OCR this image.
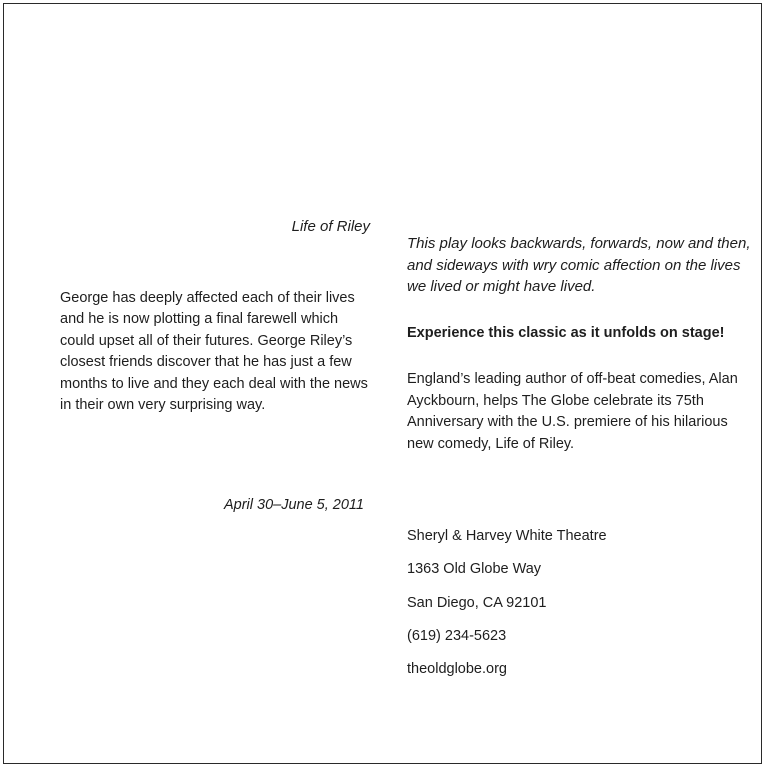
Life of Riley

George has deeply affected each of their lives and he is now plotting a final farewell which could upset all of their futures. George Riley’s closest friends discover that he has just a few months to live and they each deal with the news in their own very surprising way.

April 30–June 5, 2011

This play looks backwards, forwards, now and then, and sideways with wry comic affection on the lives we lived or might have lived.

Experience this classic as it unfolds on stage!

England’s leading author of off-beat comedies, Alan Ayckbourn, helps The Globe celebrate its 75th Anniversary with the U.S. premiere of his hilarious new comedy, Life of Riley.

Sheryl & Harvey White Theatre
1363 Old Globe Way
San Diego, CA 92101
(619) 234-5623
theoldglobe.org
